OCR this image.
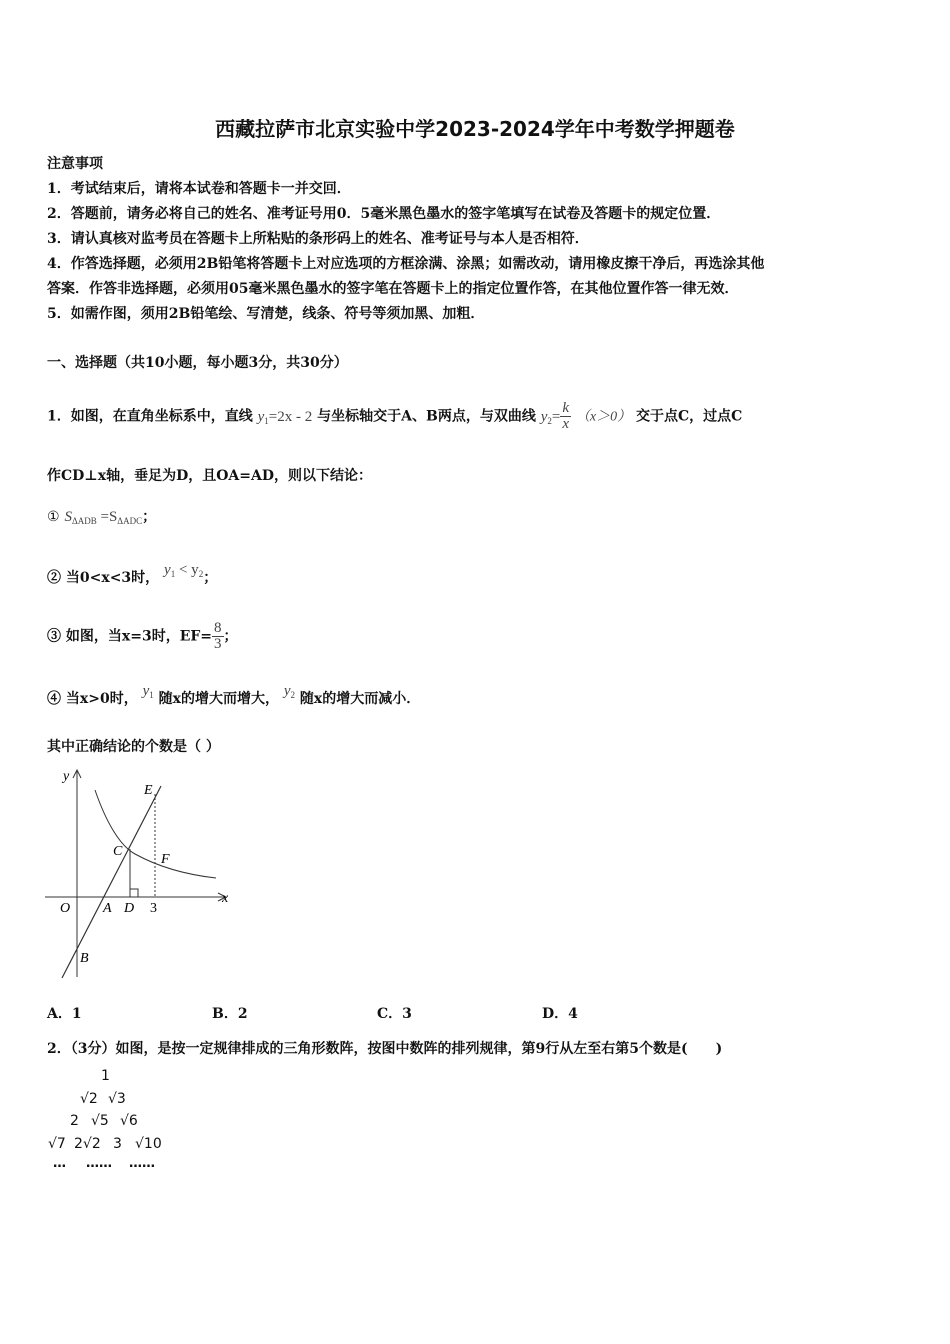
西藏拉萨市北京实验中学2023-2024学年中考数学押题卷
注意事项
1．考试结束后，请将本试卷和答题卡一并交回．
2．答题前，请务必将自己的姓名、准考证号用0．5毫米黑色墨水的签字笔填写在试卷及答题卡的规定位置．
3．请认真核对监考员在答题卡上所粘贴的条形码上的姓名、准考证号与本人是否相符．
4．作答选择题，必须用2B铅笔将答题卡上对应选项的方框涂满、涂黑；如需改动，请用橡皮擦干净后，再选涂其他
答案．作答非选择题，必须用05毫米黑色墨水的签字笔在答题卡上的指定位置作答，在其他位置作答一律无效．
5．如需作图，须用2B铅笔绘、写清楚，线条、符号等须加黑、加粗．
一、选择题（共10小题，每小题3分，共30分）
1．如图，在直角坐标系中，直线 $y_1=2x - 2$ 与坐标轴交于A、B两点，与双曲线 $y_2= \frac{k}{x} (x>0)$ 交于点C，过点C
作CD⊥x轴，垂足为D，且OA=AD，则以下结论：
① $S_{\Delta ADB} =S_{\Delta ADC}$；
② 当0<x<3时， $y_1 < y_2$；
③ 如图，当x=3时，$EF= \frac{8}{3}$ ；
④ 当x>0时， $y_1$ 随x的增大而增大， $y_2$ 随x的增大而减小．
其中正确结论的个数是（ ）
y
x
O A D 3
B
C
E
F
A．1	B．2	C．3	D．4
2．（3分）如图，是按一定规律排成的三角形数阵，按图中数阵的排列规律，第9行从左至右第5个数是(　　)
1
√2 √3
2 √5 √6
√7 2√2 3 √10
… …… ……
